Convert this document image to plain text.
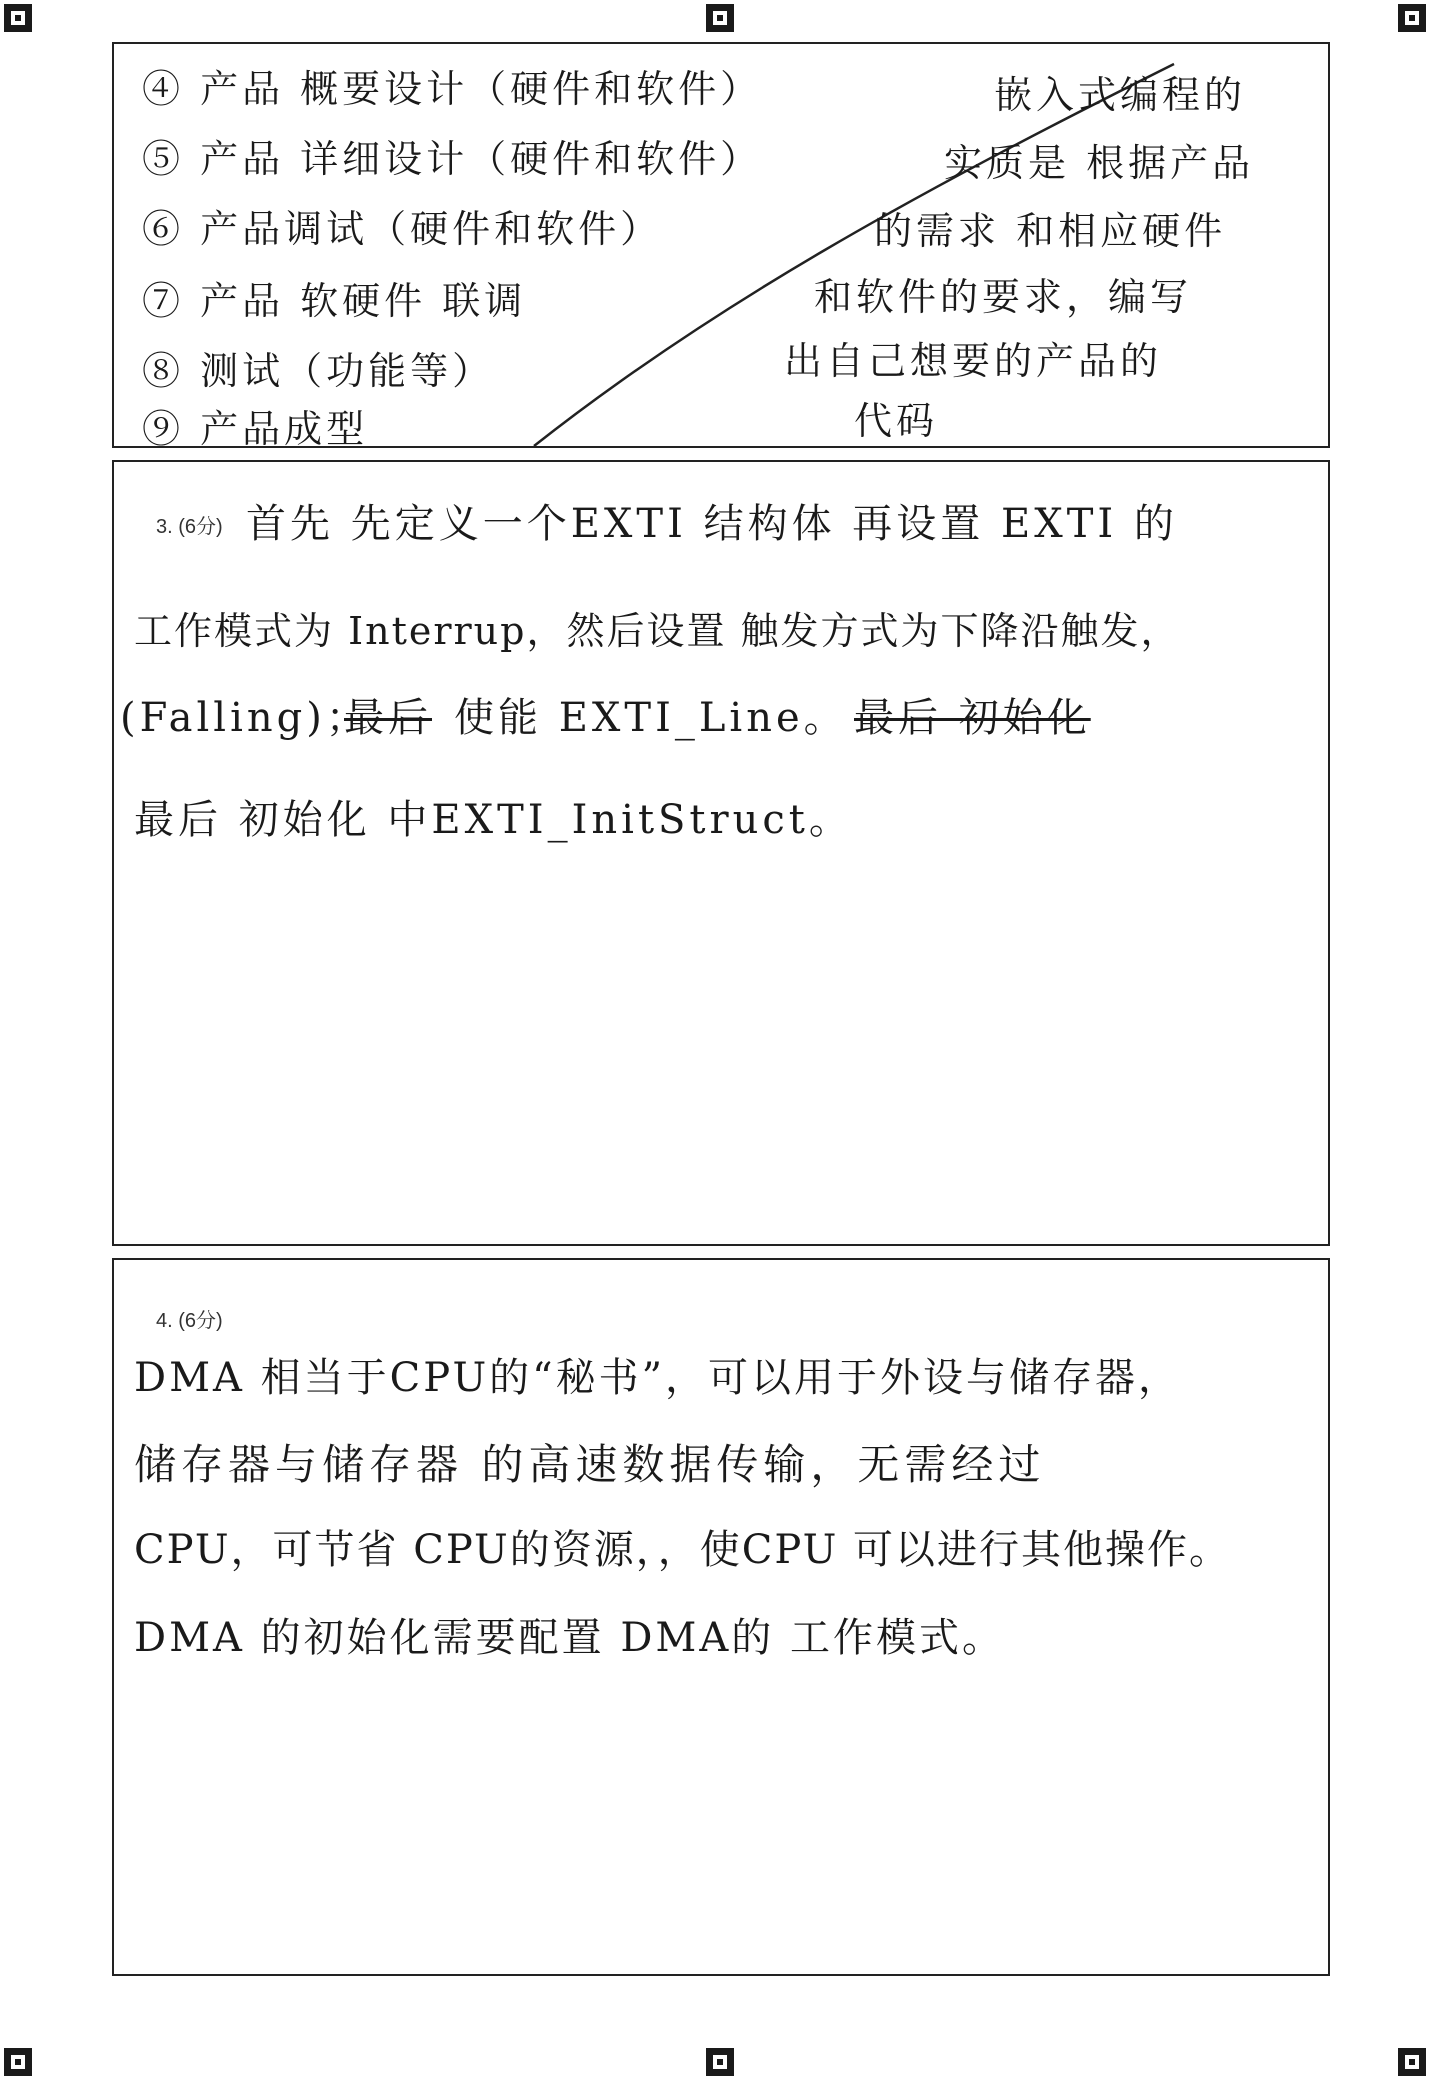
④ 产品 概要设计（硬件和软件）
⑤ 产品 详细设计（硬件和软件）
⑥ 产品调试（硬件和软件）
⑦ 产品 软硬件 联调
⑧ 测试（功能等）
⑨ 产品成型
嵌入式编程的
实质是 根据产品
的需求 和相应硬件
和软件的要求，编写
出自己想要的产品的
代码
3. (6分) 首先 先定义一个EXTI 结构体 再设置 EXTI 的
工作模式为 Interrup，然后设置 触发方式为下降沿触发，
(Falling)；
最后 使能 EXTI_Line。 最后 初始化
最后 初始化 中EXTI_InitStruct。
4. (6分)
DMA 相当于CPU的“秘书”，可以用于外设与储存器，
储存器与储存器 的高速数据传输，无需经过
CPU，可节省 CPU的资源，，使CPU 可以进行其他操作。
DMA 的初始化需要配置 DMA的 工作模式。
